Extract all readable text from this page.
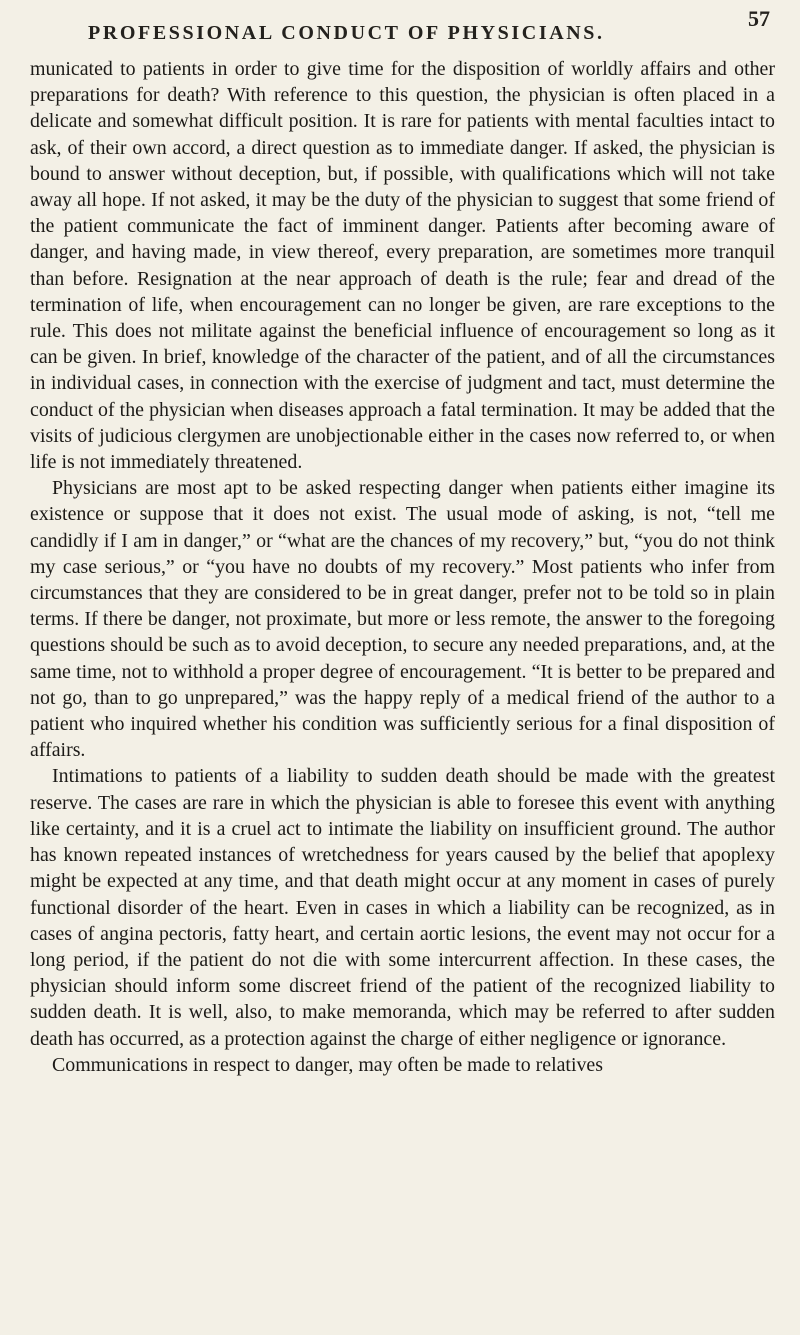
PROFESSIONAL CONDUCT OF PHYSICIANS.
57

municated to patients in order to give time for the disposition of worldly affairs and other preparations for death? With reference to this question, the physician is often placed in a delicate and somewhat difficult position. It is rare for patients with mental faculties intact to ask, of their own accord, a direct question as to immediate danger. If asked, the physician is bound to answer without deception, but, if possible, with qualifications which will not take away all hope. If not asked, it may be the duty of the physician to suggest that some friend of the patient communicate the fact of imminent danger. Patients after becoming aware of danger, and having made, in view thereof, every preparation, are sometimes more tranquil than before. Resignation at the near approach of death is the rule; fear and dread of the termination of life, when encouragement can no longer be given, are rare exceptions to the rule. This does not militate against the beneficial influence of encouragement so long as it can be given. In brief, knowledge of the character of the patient, and of all the circumstances in individual cases, in connection with the exercise of judgment and tact, must determine the conduct of the physician when diseases approach a fatal termination. It may be added that the visits of judicious clergymen are unobjectionable either in the cases now referred to, or when life is not immediately threatened.

Physicians are most apt to be asked respecting danger when patients either imagine its existence or suppose that it does not exist. The usual mode of asking, is not, “tell me candidly if I am in danger,” or “what are the chances of my recovery,” but, “you do not think my case serious,” or “you have no doubts of my recovery.” Most patients who infer from circumstances that they are considered to be in great danger, prefer not to be told so in plain terms. If there be danger, not proximate, but more or less remote, the answer to the foregoing questions should be such as to avoid deception, to secure any needed preparations, and, at the same time, not to withhold a proper degree of encouragement. “It is better to be prepared and not go, than to go unprepared,” was the happy reply of a medical friend of the author to a patient who inquired whether his condition was sufficiently serious for a final disposition of affairs.

Intimations to patients of a liability to sudden death should be made with the greatest reserve. The cases are rare in which the physician is able to foresee this event with anything like certainty, and it is a cruel act to intimate the liability on insufficient ground. The author has known repeated instances of wretchedness for years caused by the belief that apoplexy might be expected at any time, and that death might occur at any moment in cases of purely functional disorder of the heart. Even in cases in which a liability can be recognized, as in cases of angina pectoris, fatty heart, and certain aortic lesions, the event may not occur for a long period, if the patient do not die with some intercurrent affection. In these cases, the physician should inform some discreet friend of the patient of the recognized liability to sudden death. It is well, also, to make memoranda, which may be referred to after sudden death has occurred, as a protection against the charge of either negligence or ignorance.

Communications in respect to danger, may often be made to relatives
